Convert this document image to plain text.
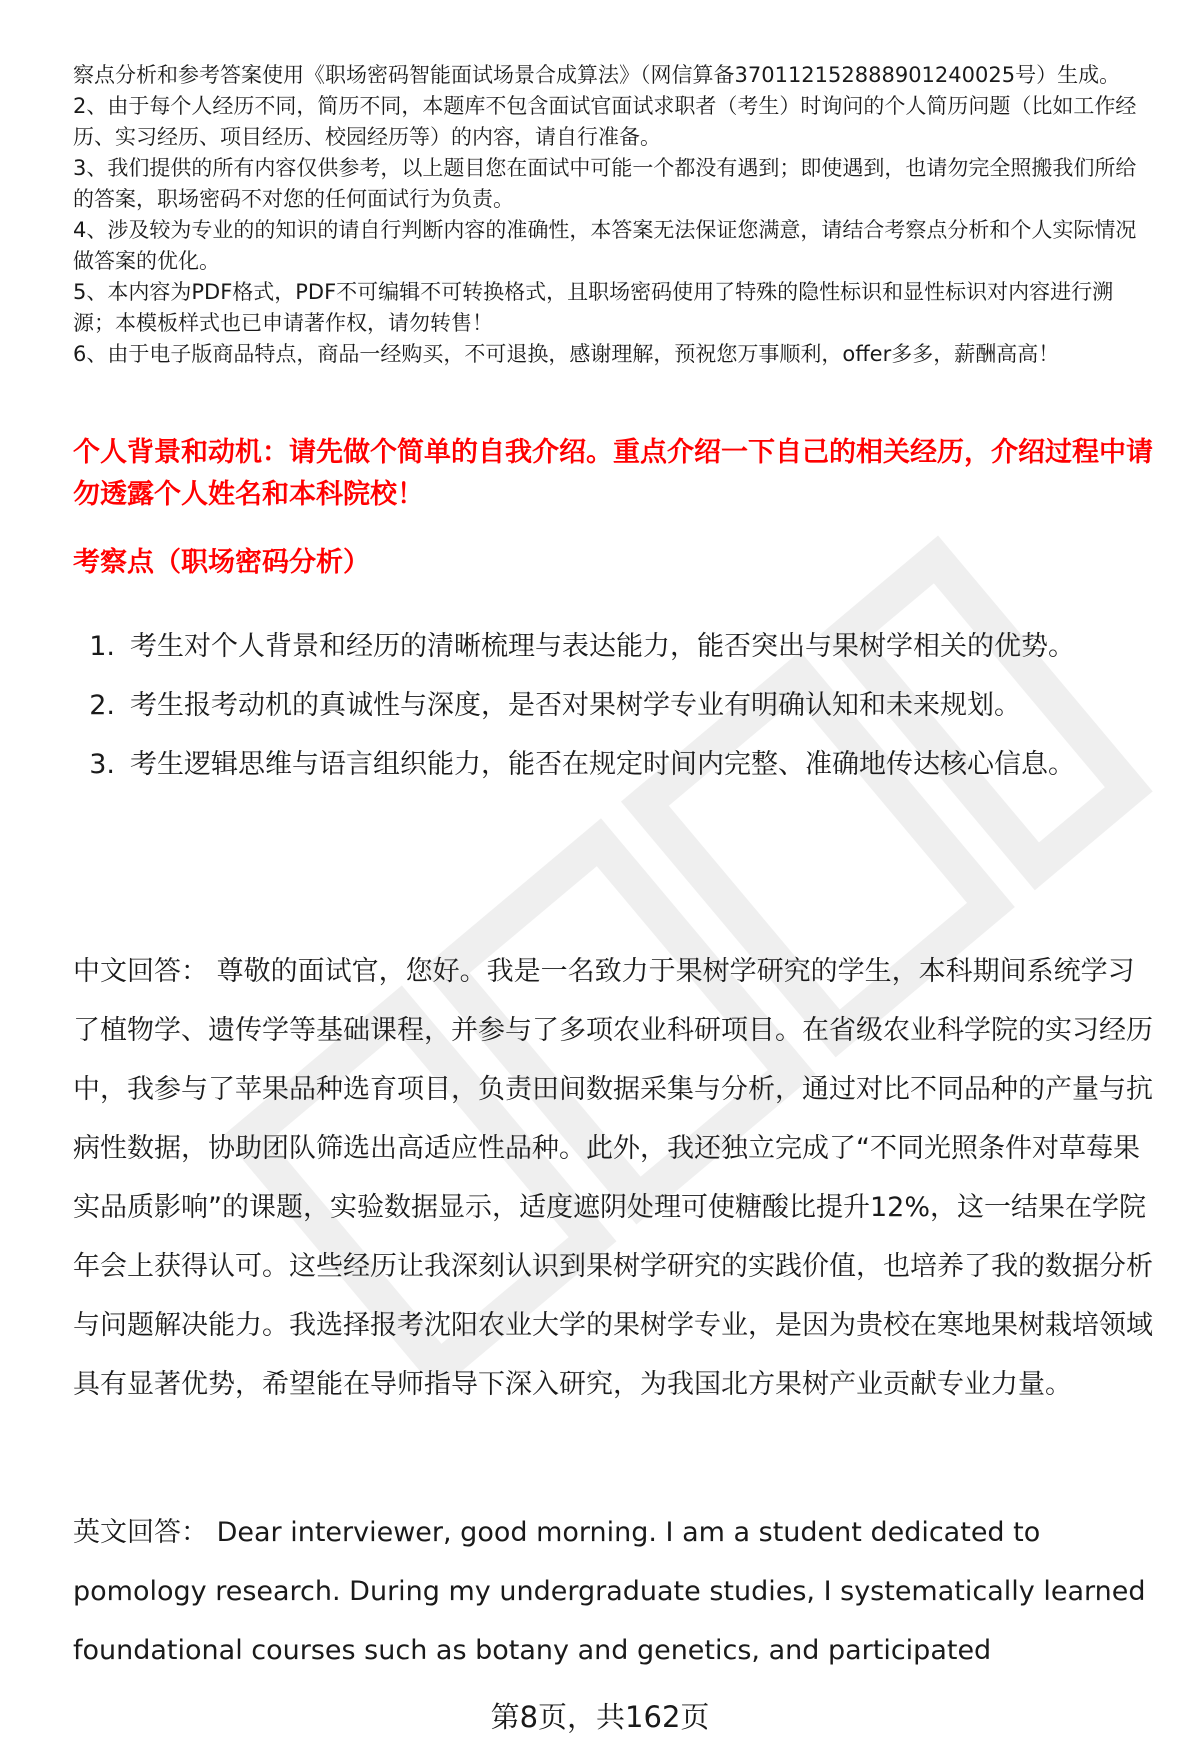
察点分析和参考答案使用《职场密码智能面试场景合成算法》（网信算备370112152888901240025号）生成。

2、由于每个人经历不同，简历不同，本题库不包含面试官面试求职者（考生）时询问的个人简历问题（比如工作经历、实习经历、项目经历、校园经历等）的内容，请自行准备。

3、我们提供的所有内容仅供参考，以上题目您在面试中可能一个都没有遇到；即使遇到，也请勿完全照搬我们所给的答案，职场密码不对您的任何面试行为负责。

4、涉及较为专业的的知识的请自行判断内容的准确性，本答案无法保证您满意，请结合考察点分析和个人实际情况做答案的优化。

5、本内容为PDF格式，PDF不可编辑不可转换格式，且职场密码使用了特殊的隐性标识和显性标识对内容进行溯源；本模板样式也已申请著作权，请勿转售！

6、由于电子版商品特点，商品一经购买，不可退换，感谢理解，预祝您万事顺利，offer多多，薪酬高高！

个人背景和动机：请先做个简单的自我介绍。重点介绍一下自己的相关经历，介绍过程中请勿透露个人姓名和本科院校！
考察点（职场密码分析）

1. 考生对个人背景和经历的清晰梳理与表达能力，能否突出与果树学相关的优势。

2. 考生报考动机的真诚性与深度，是否对果树学专业有明确认知和未来规划。

3. 考生逻辑思维与语言组织能力，能否在规定时间内完整、准确地传达核心信息。

中文回答： 尊敬的面试官，您好。我是一名致力于果树学研究的学生，本科期间系统学习了植物学、遗传学等基础课程，并参与了多项农业科研项目。在省级农业科学院的实习经历中，我参与了苹果品种选育项目，负责田间数据采集与分析，通过对比不同品种的产量与抗病性数据，协助团队筛选出高适应性品种。此外，我还独立完成了“不同光照条件对草莓果实品质影响”的课题，实验数据显示，适度遮阴处理可使糖酸比提升12%，这一结果在学院年会上获得认可。这些经历让我深刻认识到果树学研究的实践价值，也培养了我的数据分析与问题解决能力。我选择报考沈阳农业大学的果树学专业，是因为贵校在寒地果树栽培领域具有显著优势，希望能在导师指导下深入研究，为我国北方果树产业贡献专业力量。

英文回答： Dear interviewer, good morning. I am a student dedicated to pomology research. During my undergraduate studies, I systematically learned foundational courses such as botany and genetics, and participated

第8页，共162页
